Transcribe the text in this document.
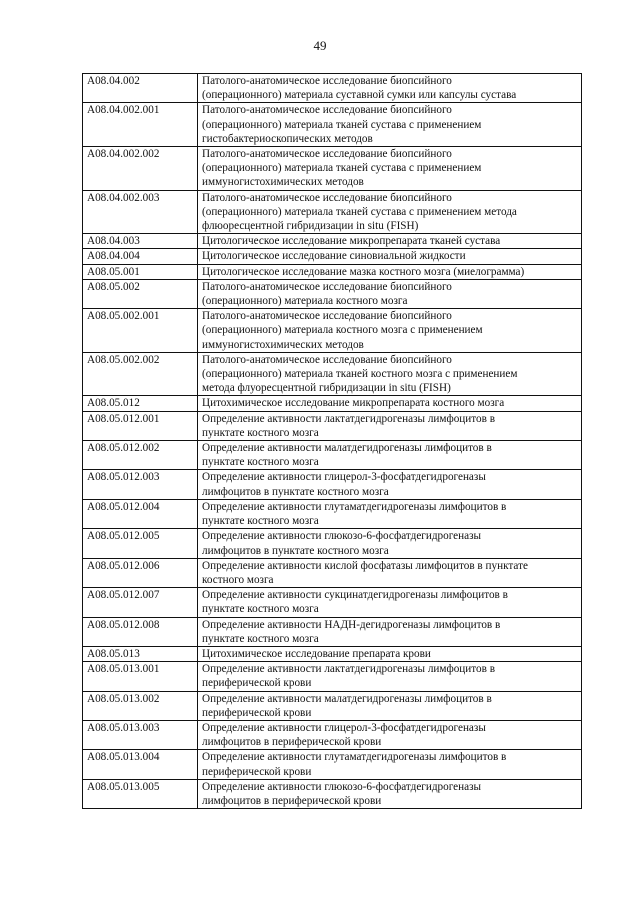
49
A08.04.002	Патолого-анатомическое исследование биопсийного
(операционного) материала суставной сумки или капсулы сустава

A08.04.002.001	Патолого-анатомическое исследование биопсийного
(операционного) материала тканей сустава с применением
гистобактериоскопических методов

A08.04.002.002	Патолого-анатомическое исследование биопсийного
(операционного) материала тканей сустава с применением
иммуногистохимических методов

A08.04.002.003	Патолого-анатомическое исследование биопсийного
(операционного) материала тканей сустава с применением метода
флюоресцентной гибридизации in situ (FISH)

A08.04.003	Цитологическое исследование микропрепарата тканей сустава

A08.04.004	Цитологическое исследование синовиальной жидкости

A08.05.001	Цитологическое исследование мазка костного мозга (миелограмма)

A08.05.002	Патолого-анатомическое исследование биопсийного
(операционного) материала костного мозга

A08.05.002.001	Патолого-анатомическое исследование биопсийного
(операционного) материала костного мозга с применением
иммуногистохимических методов

A08.05.002.002	Патолого-анатомическое исследование биопсийного
(операционного) материала тканей костного мозга с применением
метода флуоресцентной гибридизации in situ (FISH)

A08.05.012	Цитохимическое исследование микропрепарата костного мозга

A08.05.012.001	Определение активности лактатдегидрогеназы лимфоцитов в
пунктате костного мозга

A08.05.012.002	Определение активности малатдегидрогеназы лимфоцитов в
пунктате костного мозга

A08.05.012.003	Определение активности глицерол-3-фосфатдегидрогеназы
лимфоцитов в пунктате костного мозга

A08.05.012.004	Определение активности глутаматдегидрогеназы лимфоцитов в
пунктате костного мозга

A08.05.012.005	Определение активности глюкозо-6-фосфатдегидрогеназы
лимфоцитов в пунктате костного мозга

A08.05.012.006	Определение активности кислой фосфатазы лимфоцитов в пунктате
костного мозга

A08.05.012.007	Определение активности сукцинатдегидрогеназы лимфоцитов в
пунктате костного мозга

A08.05.012.008	Определение активности НАДН-дегидрогеназы лимфоцитов в
пунктате костного мозга

A08.05.013	Цитохимическое исследование препарата крови

A08.05.013.001	Определение активности лактатдегидрогеназы лимфоцитов в
периферической крови

A08.05.013.002	Определение активности малатдегидрогеназы лимфоцитов в
периферической крови

A08.05.013.003	Определение активности глицерол-3-фосфатдегидрогеназы
лимфоцитов в периферической крови

A08.05.013.004	Определение активности глутаматдегидрогеназы лимфоцитов в
периферической крови

A08.05.013.005	Определение активности глюкозо-6-фосфатдегидрогеназы
лимфоцитов в периферической крови
